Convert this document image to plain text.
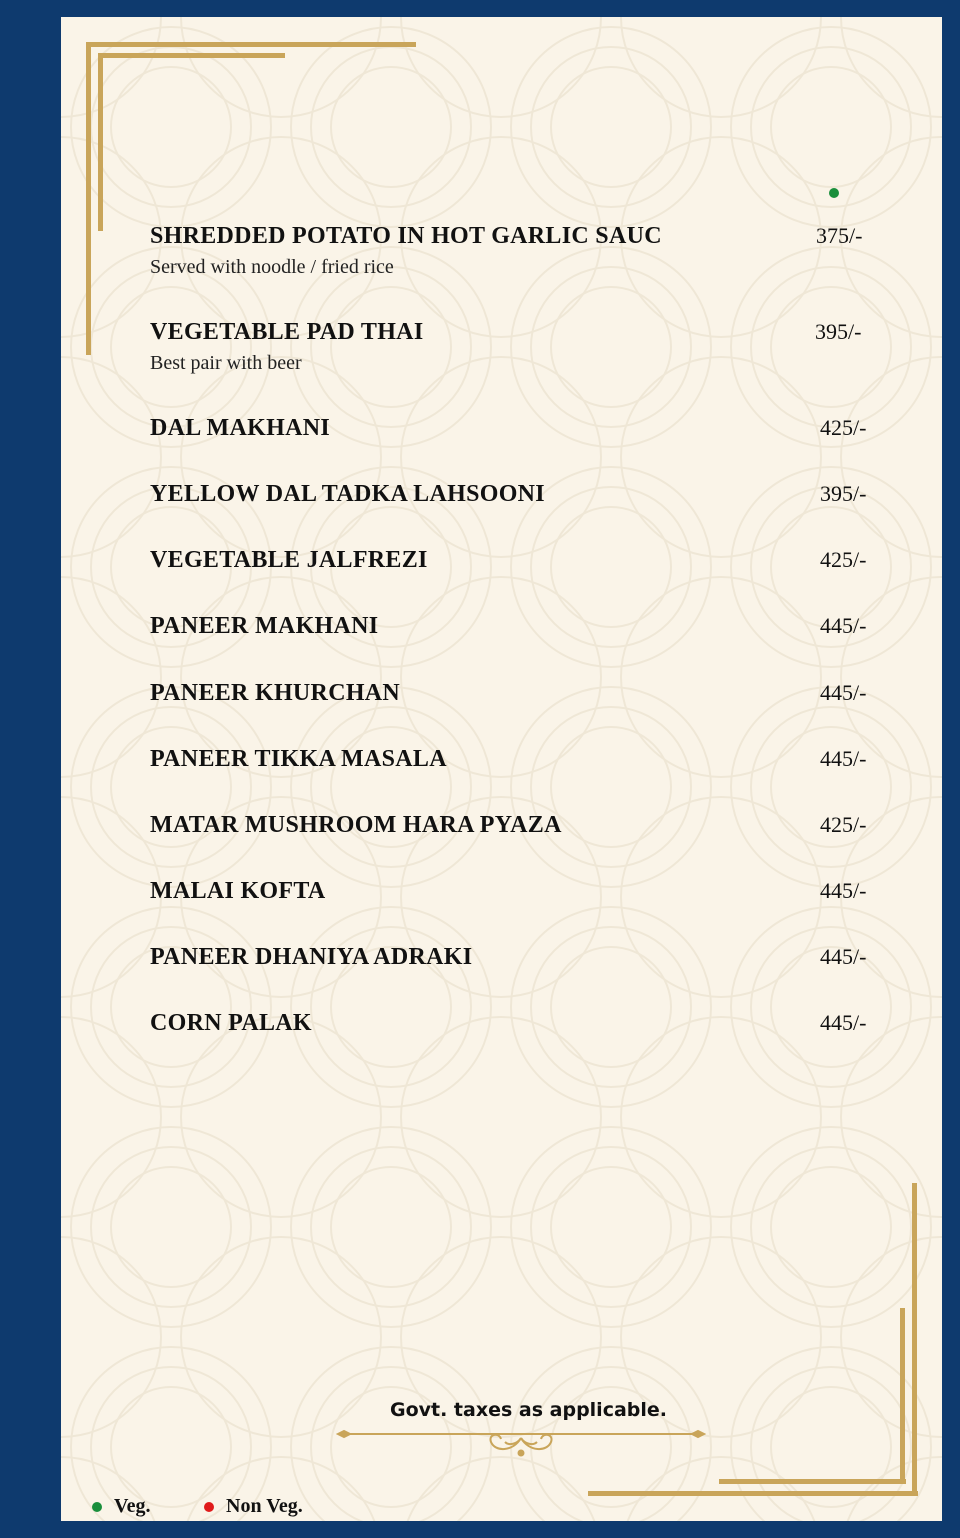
SHREDDED POTATO IN HOT GARLIC SAUC
Served with noodle / fried rice
375/-
VEGETABLE PAD THAI
Best pair with beer
395/-
DAL MAKHANI	425/-
YELLOW DAL TADKA LAHSOONI	395/-
VEGETABLE JALFREZI	425/-
PANEER MAKHANI	445/-
PANEER KHURCHAN	445/-
PANEER TIKKA MASALA	445/-
MATAR MUSHROOM HARA PYAZA	425/-
MALAI KOFTA	445/-
PANEER DHANIYA ADRAKI	445/-
CORN PALAK	445/-
Govt. taxes as applicable.
Veg.	Non Veg.
